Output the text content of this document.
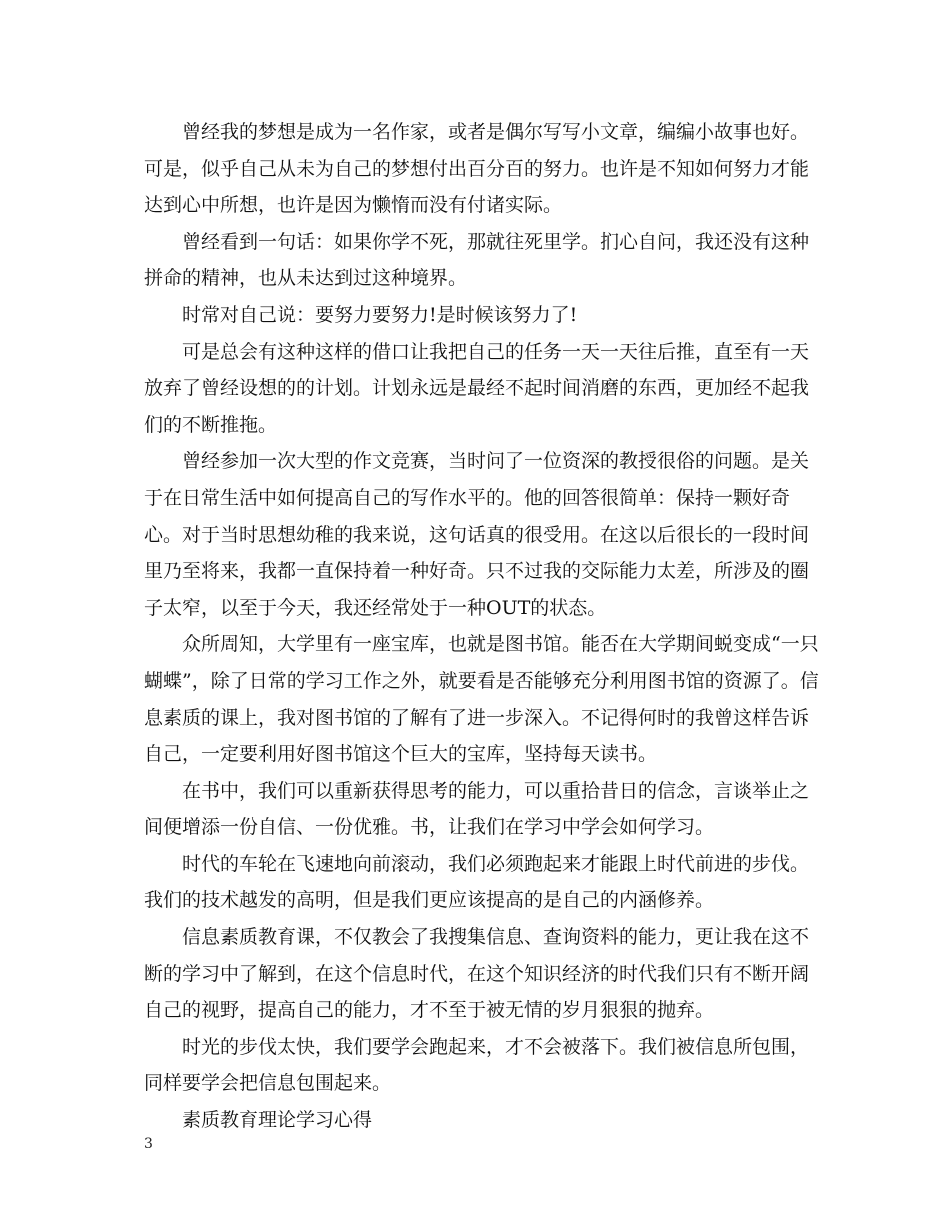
曾经我的梦想是成为一名作家，或者是偶尔写写小文章，编编小故事也好。可是，似乎自己从未为自己的梦想付出百分百的努力。也许是不知如何努力才能达到心中所想，也许是因为懒惰而没有付诸实际。

曾经看到一句话：如果你学不死，那就往死里学。扪心自问，我还没有这种拼命的精神，也从未达到过这种境界。

时常对自己说：要努力要努力!是时候该努力了!

可是总会有这种这样的借口让我把自己的任务一天一天往后推，直至有一天放弃了曾经设想的的计划。计划永远是最经不起时间消磨的东西，更加经不起我们的不断推拖。

曾经参加一次大型的作文竞赛，当时问了一位资深的教授很俗的问题。是关于在日常生活中如何提高自己的写作水平的。他的回答很简单：保持一颗好奇心。对于当时思想幼稚的我来说，这句话真的很受用。在这以后很长的一段时间里乃至将来，我都一直保持着一种好奇。只不过我的交际能力太差，所涉及的圈子太窄，以至于今天，我还经常处于一种OUT的状态。

众所周知，大学里有一座宝库，也就是图书馆。能否在大学期间蜕变成“一只蝴蝶”，除了日常的学习工作之外，就要看是否能够充分利用图书馆的资源了。信息素质的课上，我对图书馆的了解有了进一步深入。不记得何时的我曾这样告诉自己，一定要利用好图书馆这个巨大的宝库，坚持每天读书。

在书中，我们可以重新获得思考的能力，可以重拾昔日的信念，言谈举止之间便增添一份自信、一份优雅。书，让我们在学习中学会如何学习。

时代的车轮在飞速地向前滚动，我们必须跑起来才能跟上时代前进的步伐。我们的技术越发的高明，但是我们更应该提高的是自己的内涵修养。

信息素质教育课，不仅教会了我搜集信息、查询资料的能力，更让我在这不断的学习中了解到，在这个信息时代，在这个知识经济的时代我们只有不断开阔自己的视野，提高自己的能力，才不至于被无情的岁月狠狠的抛弃。

时光的步伐太快，我们要学会跑起来，才不会被落下。我们被信息所包围，同样要学会把信息包围起来。

素质教育理论学习心得

3
